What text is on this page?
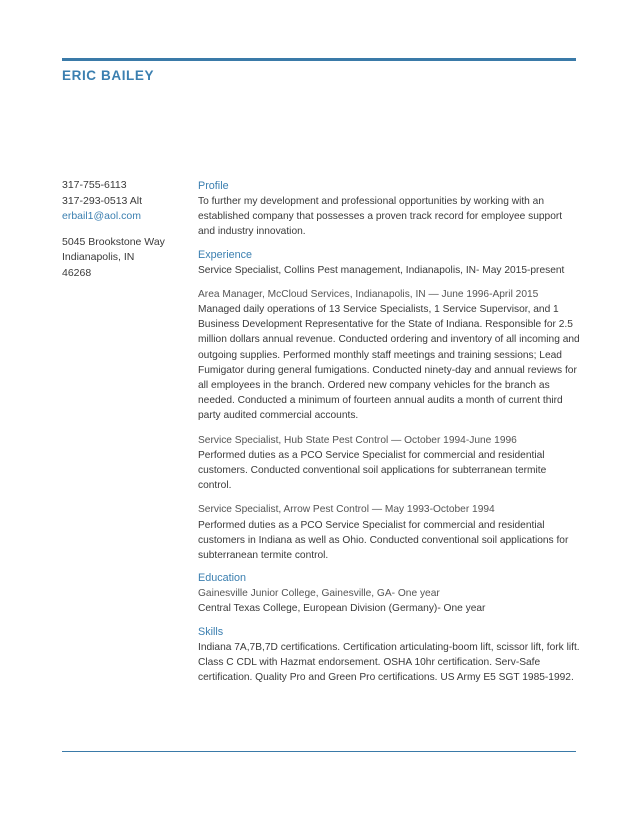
ERIC BAILEY
317-755-6113
317-293-0513 Alt
erbail1@aol.com
5045 Brookstone Way
Indianapolis, IN
46268
Profile

To further my development and professional opportunities by working with an established company that possesses a proven track record for employee support and industry innovation.

Experience

Service Specialist, Collins Pest management, Indianapolis, IN- May 2015-present

Area Manager, McCloud Services, Indianapolis, IN — June 1996-April 2015

Managed daily operations of 13 Service Specialists, 1 Service Supervisor, and 1 Business Development Representative for the State of Indiana. Responsible for 2.5 million dollars annual revenue. Conducted ordering and inventory of all incoming and outgoing supplies. Performed monthly staff meetings and training sessions; Lead Fumigator during general fumigations. Conducted ninety-day and annual reviews for all employees in the branch. Ordered new company vehicles for the branch as needed. Conducted a minimum of fourteen annual audits a month of current third party audited commercial accounts.

Service Specialist, Hub State Pest Control — October 1994-June 1996

Performed duties as a PCO Service Specialist for commercial and residential customers. Conducted conventional soil applications for subterranean termite control.

Service Specialist, Arrow Pest Control — May 1993-October 1994

Performed duties as a PCO Service Specialist for commercial and residential customers in Indiana as well as Ohio. Conducted conventional soil applications for subterranean termite control.

Education

Gainesville Junior College, Gainesville, GA- One year

Central Texas College, European Division (Germany)- One year

Skills

Indiana 7A,7B,7D certifications. Certification articulating-boom lift, scissor lift, fork lift. Class C CDL with Hazmat endorsement. OSHA 10hr certification. Serv-Safe certification. Quality Pro and Green Pro certifications. US Army E5 SGT 1985-1992.
